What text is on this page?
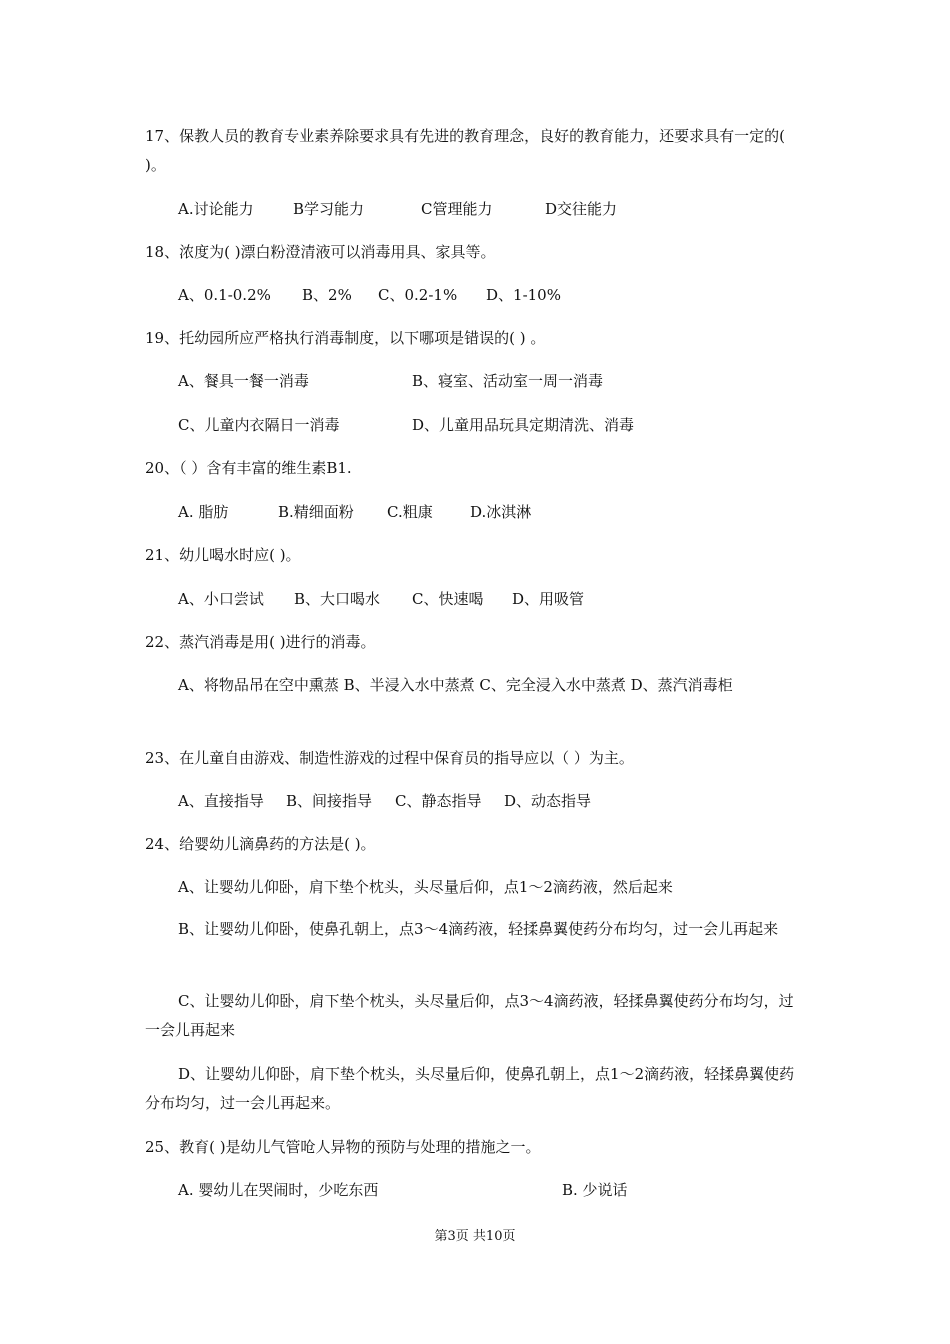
17、保教人员的教育专业素养除要求具有先进的教育理念，良好的教育能力，还要求具有一定的( )。
A.讨论能力	B学习能力	C管理能力	D交往能力
18、浓度为( )漂白粉澄清液可以消毒用具、家具等。
A、0.1-0.2% B、2% C、0.2-1% D、1-10%
19、托幼园所应严格执行消毒制度，以下哪项是错误的( ) 。
A、餐具一餐一消毒	B、寝室、活动室一周一消毒
C、儿童内衣隔日一消毒	D、儿童用品玩具定期清洗、消毒
20、（ ）含有丰富的维生素B1.
A. 脂肪	B.精细面粉 C.粗康 D.冰淇淋
21、幼儿喝水时应( )。
A、小口尝试 B、大口喝水 C、快速喝 D、用吸管
22、蒸汽消毒是用( )进行的消毒。
A、将物品吊在空中熏蒸 B、半浸入水中蒸煮 C、完全浸入水中蒸煮 D、蒸汽消毒柜
23、在儿童自由游戏、制造性游戏的过程中保育员的指导应以（ ）为主。
A、直接指导 B、间接指导 C、静态指导 D、动态指导
24、给婴幼儿滴鼻药的方法是( )。
A、让婴幼儿仰卧，肩下垫个枕头，头尽量后仰，点1～2滴药液，然后起来
B、让婴幼儿仰卧，使鼻孔朝上，点3～4滴药液，轻揉鼻翼使药分布均匀，过一会儿再起来
C、让婴幼儿仰卧，肩下垫个枕头，头尽量后仰，点3～4滴药液，轻揉鼻翼使药分布均匀，过一会儿再起来
D、让婴幼儿仰卧，肩下垫个枕头，头尽量后仰，使鼻孔朝上，点1～2滴药液，轻揉鼻翼使药分布均匀，过一会儿再起来。
25、教育( )是幼儿气管呛人异物的预防与处理的措施之一。
A. 婴幼儿在哭闹时，少吃东西	B. 少说话
第3页 共10页
